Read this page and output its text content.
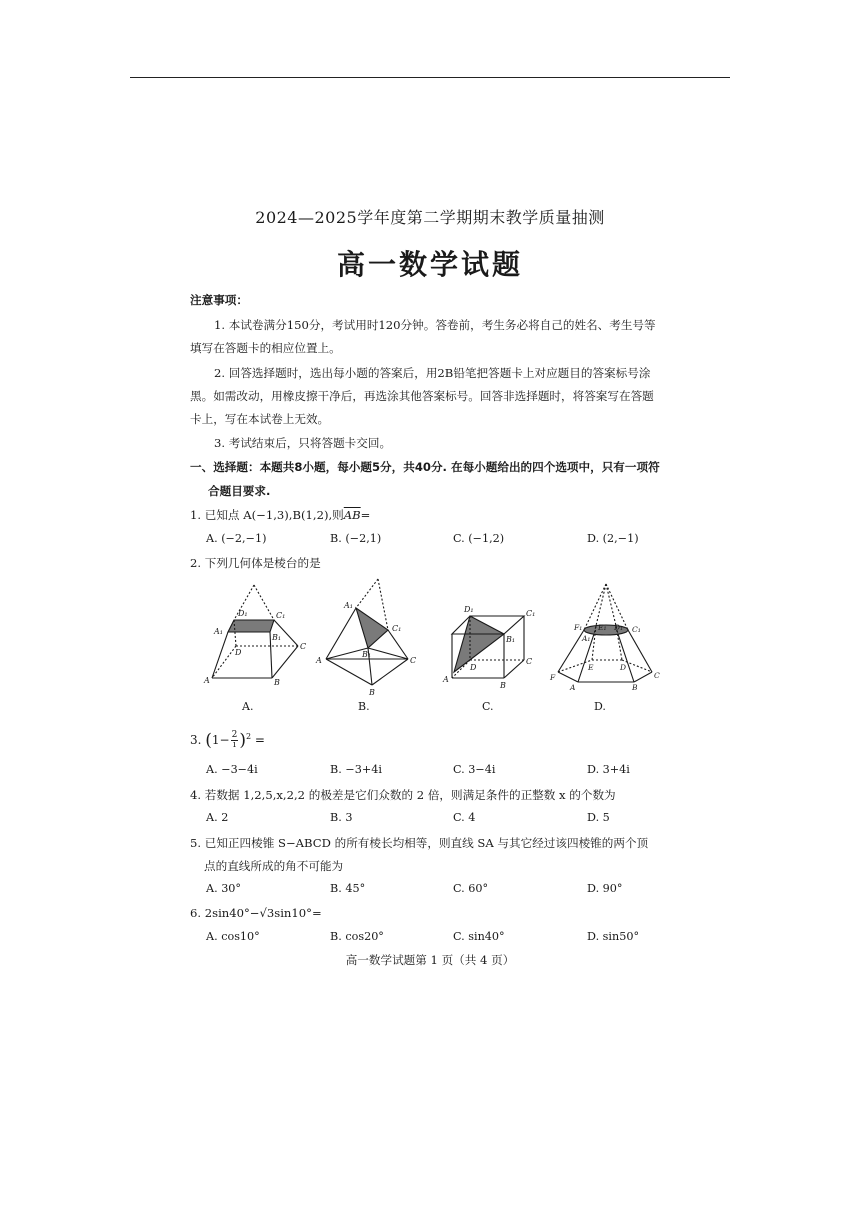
2024—2025学年度第二学期期末教学质量抽测
高一数学试题
注意事项：
1. 本试卷满分150分，考试用时120分钟。答卷前，考生务必将自己的姓名、考生号等
填写在答题卡的相应位置上。
2. 回答选择题时，选出每小题的答案后，用2B铅笔把答题卡上对应题目的答案标号涂
黑。如需改动，用橡皮擦干净后，再选涂其他答案标号。回答非选择题时，将答案写在答题
卡上，写在本试卷上无效。
3. 考试结束后，只将答题卡交回。
一、选择题：本题共8小题，每小题5分，共40分. 在每小题给出的四个选项中，只有一项符
合题目要求.
1. 已知点 A(−1,3),B(1,2),则$\overline{AB}=$
A. (−2,−1)	B. (−2,1)	C. (−1,2)	D. (2,−1)
2. 下列几何体是棱台的是
D₁	C₁
A₁
B₁
D
C
A	B
A.
A₁
C₁
B₁
A	C
B
B.
D₁	C₁
B₁
C
A
D
B
C.
F₁ E₁ D₁ C₁
A₁
E	D
F
A	B
C
D.
3. $(1- \frac{2}{i} )^2$ =
A. −3−4i	B. −3+4i	C. 3−4i	D. 3+4i
4. 若数据 1,2,5,x,2,2 的极差是它们众数的 2 倍，则满足条件的正整数 x 的个数为
A. 2	B. 3	C. 4	D. 5
5. 已知正四棱锥 S−ABCD 的所有棱长均相等，则直线 SA 与其它经过该四棱锥的两个顶
点的直线所成的角不可能为
A. 30°	B. 45°	C. 60°	D. 90°
6. 2sin40°−√3sin10°=
A. cos10°	B. cos20°	C. sin40°	D. sin50°
高一数学试题第 1 页（共 4 页）
